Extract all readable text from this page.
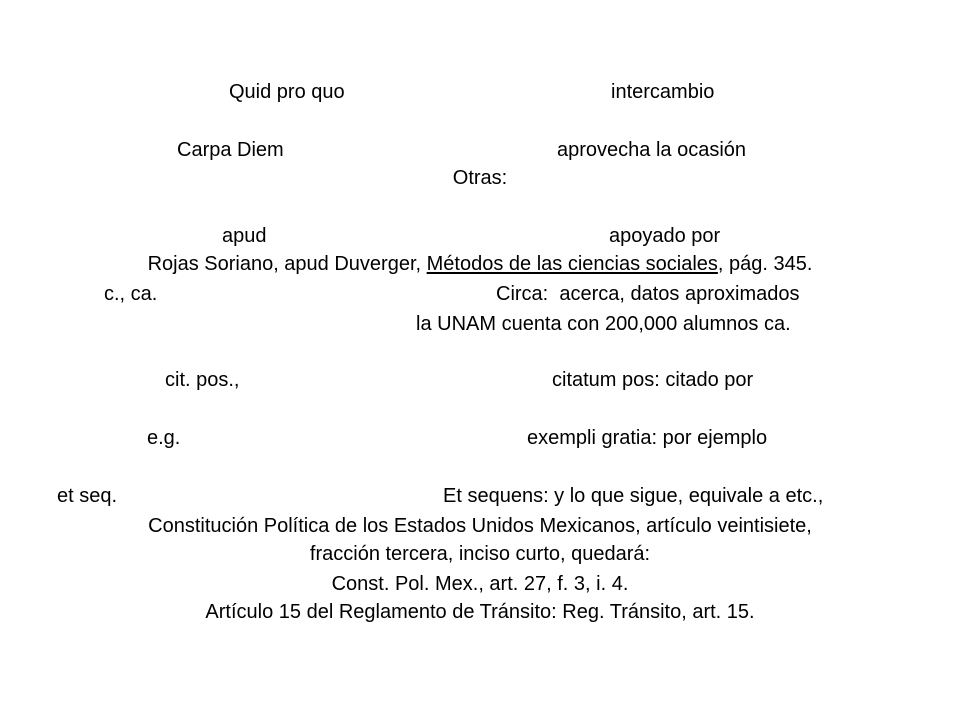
Quid pro quo	intercambio
Carpa Diem	aprovecha la ocasión
Otras:
apud	apoyado por
Rojas Soriano, apud Duverger, Métodos de las ciencias sociales, pág. 345.
c., ca.	Circa:  acerca, datos aproximados
la UNAM cuenta con 200,000 alumnos ca.
cit. pos.,	citatum pos: citado por
e.g.	exempli gratia: por ejemplo
et seq.	Et sequens: y lo que sigue, equivale a etc.,
Constitución Política de los Estados Unidos Mexicanos, artículo veintisiete,
fracción tercera, inciso curto, quedará:
Const. Pol. Mex., art. 27, f. 3, i. 4.
Artículo 15 del Reglamento de Tránsito: Reg. Tránsito, art. 15.
